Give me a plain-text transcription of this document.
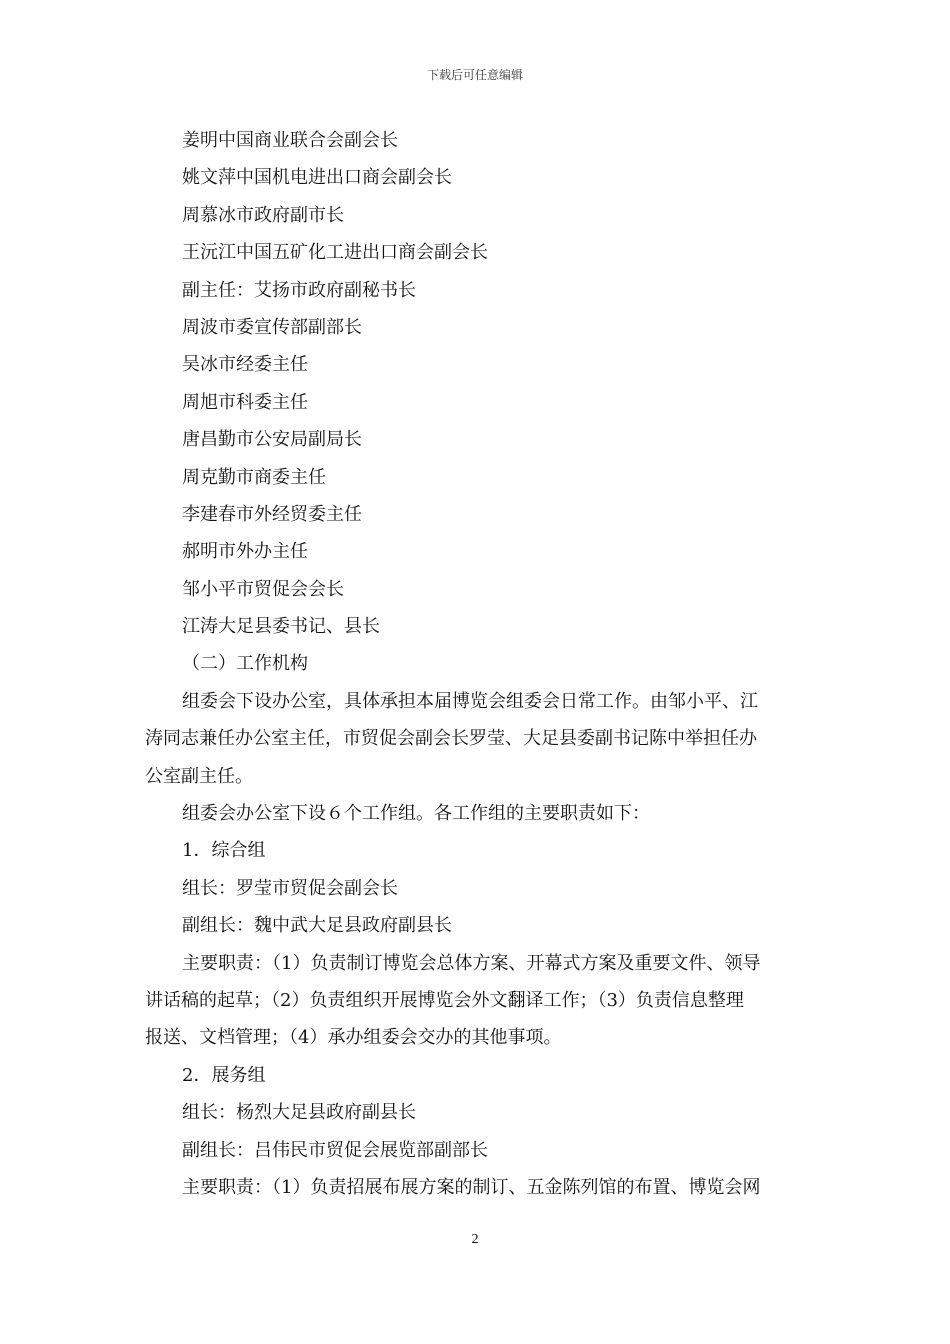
下载后可任意编辑
姜明中国商业联合会副会长
姚文萍中国机电进出口商会副会长
周慕冰市政府副市长
王沅江中国五矿化工进出口商会副会长
副主任：艾扬市政府副秘书长
周波市委宣传部副部长
吴冰市经委主任
周旭市科委主任
唐昌勤市公安局副局长
周克勤市商委主任
李建春市外经贸委主任
郝明市外办主任
邹小平市贸促会会长
江涛大足县委书记、县长
（二）工作机构
组委会下设办公室，具体承担本届博览会组委会日常工作。由邹小平、江
涛同志兼任办公室主任，市贸促会副会长罗莹、大足县委副书记陈中举担任办
公室副主任。
组委会办公室下设６个工作组。各工作组的主要职责如下：
1．综合组
组长：罗莹市贸促会副会长
副组长：魏中武大足县政府副县长
主要职责：（1）负责制订博览会总体方案、开幕式方案及重要文件、领导
讲话稿的起草；（2）负责组织开展博览会外文翻译工作；（3）负责信息整理
报送、文档管理；（4）承办组委会交办的其他事项。
2．展务组
组长：杨烈大足县政府副县长
副组长：吕伟民市贸促会展览部副部长
主要职责：（1）负责招展布展方案的制订、五金陈列馆的布置、博览会网
2
